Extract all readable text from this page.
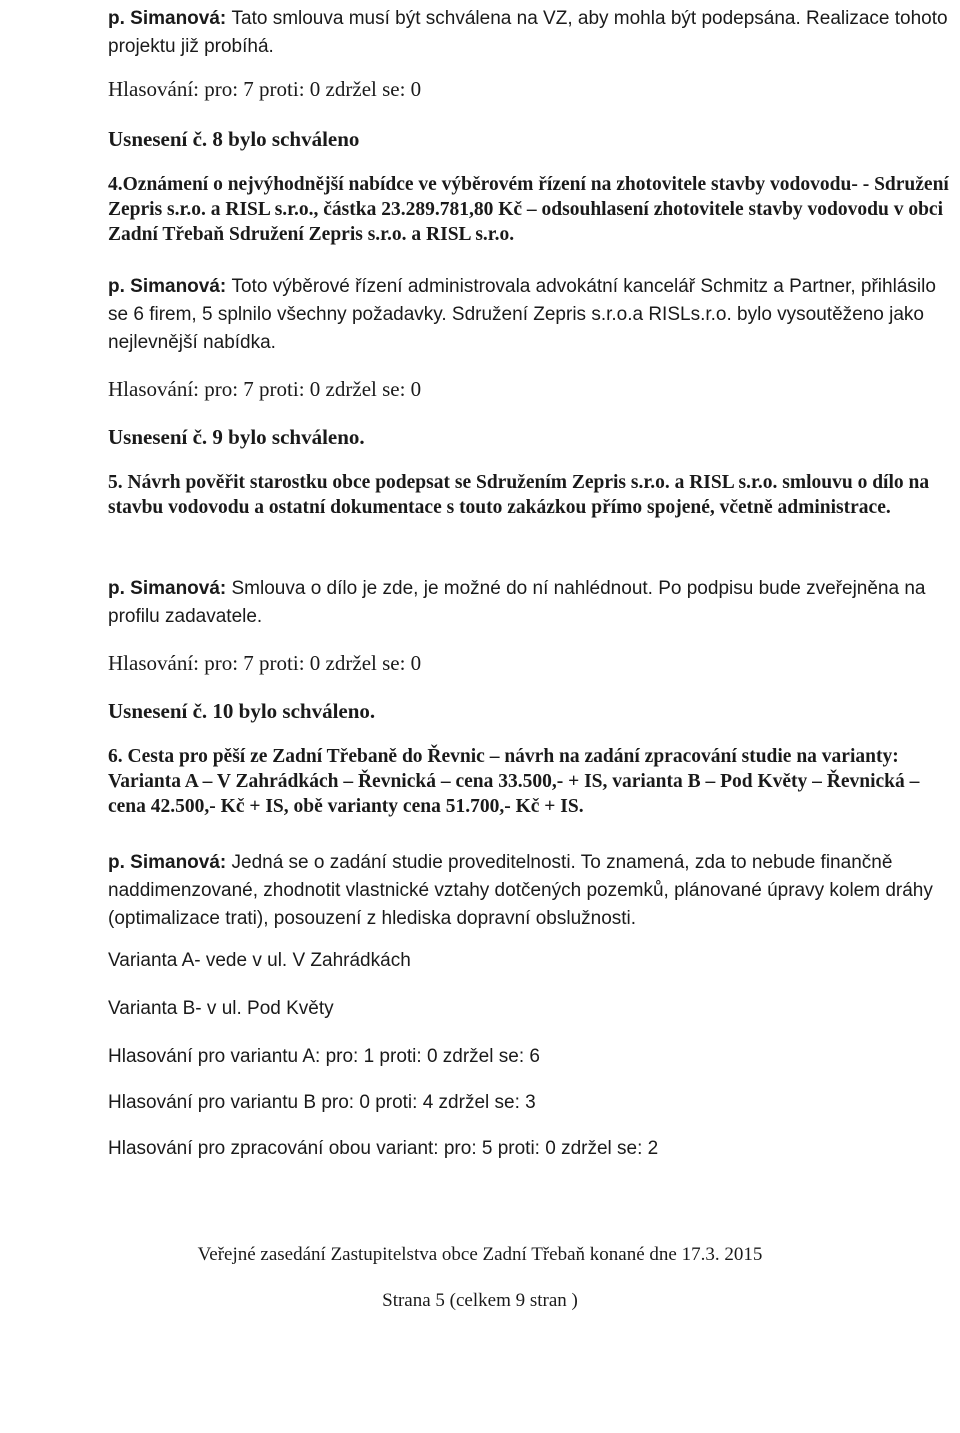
p. Simanová: Tato smlouva musí být schválena na VZ, aby mohla být podepsána. Realizace tohoto projektu již probíhá.
Hlasování: pro: 7 proti: 0 zdržel se: 0
Usnesení č. 8 bylo schváleno
4.Oznámení o nejvýhodnější nabídce ve výběrovém řízení na zhotovitele stavby vodovodu- - Sdružení Zepris s.r.o. a RISL s.r.o., částka 23.289.781,80 Kč – odsouhlasení zhotovitele stavby vodovodu v obci Zadní Třebaň Sdružení Zepris s.r.o. a RISL s.r.o.
p. Simanová: Toto výběrové řízení administrovala advokátní kancelář Schmitz a Partner, přihlásilo se 6 firem, 5 splnilo všechny požadavky. Sdružení Zepris s.r.o.a RISLs.r.o. bylo vysoutěženo jako nejlevnější nabídka.
Hlasování: pro: 7 proti: 0 zdržel se: 0
Usnesení č. 9 bylo schváleno.
5. Návrh pověřit starostku obce podepsat se Sdružením Zepris s.r.o. a RISL s.r.o. smlouvu o dílo na stavbu vodovodu a ostatní dokumentace s touto zakázkou přímo spojené, včetně administrace.
p. Simanová: Smlouva o dílo je zde, je možné do ní nahlédnout. Po podpisu bude zveřejněna na profilu zadavatele.
Hlasování: pro: 7 proti: 0 zdržel se: 0
Usnesení č. 10 bylo schváleno.
6. Cesta pro pěší ze Zadní Třebaně do Řevnic – návrh na zadání zpracování studie na varianty: Varianta A – V Zahrádkách – Řevnická – cena 33.500,- + IS, varianta B – Pod Květy – Řevnická – cena 42.500,- Kč + IS, obě varianty cena 51.700,- Kč + IS.
p. Simanová: Jedná se o zadání studie proveditelnosti. To znamená, zda to nebude finančně naddimenzované, zhodnotit vlastnické vztahy dotčených pozemků, plánované úpravy kolem dráhy (optimalizace trati), posouzení z hlediska dopravní obslužnosti.
Varianta A- vede v ul. V Zahrádkách
Varianta B- v ul. Pod Květy
Hlasování pro variantu A: pro: 1 proti: 0 zdržel se: 6
Hlasování pro variantu B pro: 0 proti: 4 zdržel se: 3
Hlasování pro zpracování obou variant: pro: 5 proti: 0 zdržel se: 2
Veřejné zasedání Zastupitelstva obce Zadní Třebaň konané dne 17.3. 2015
Strana 5 (celkem 9 stran )
